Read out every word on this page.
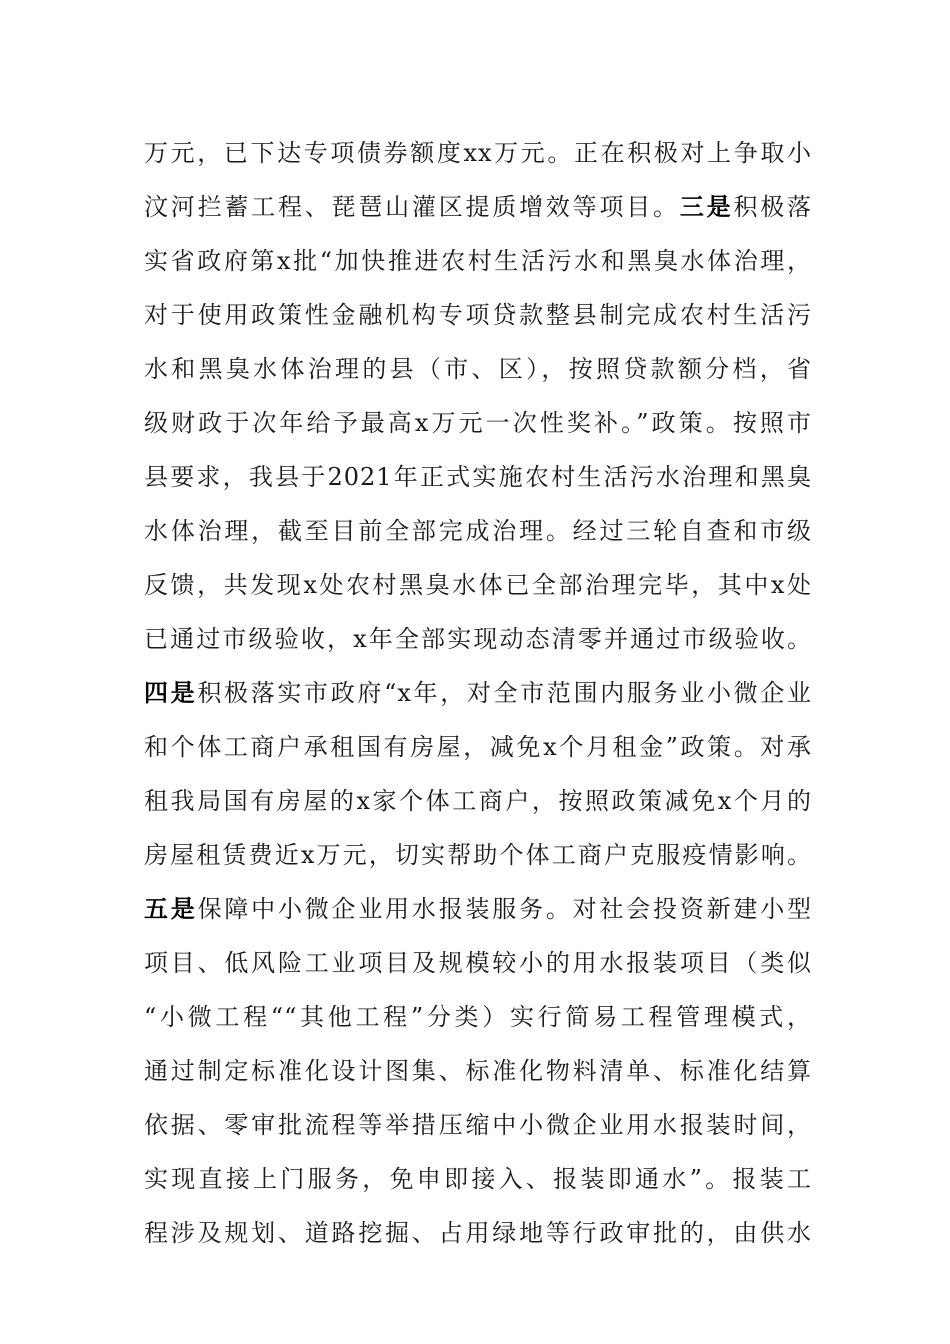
万元，已下达专项债券额度xx万元。正在积极对上争取小
汶河拦蓄工程、琵琶山灌区提质增效等项目。三是积极落
实省政府第x批“加快推进农村生活污水和黑臭水体治理，
对于使用政策性金融机构专项贷款整县制完成农村生活污
水和黑臭水体治理的县（市、区），按照贷款额分档，省
级财政于次年给予最高x万元一次性奖补。”政策。按照市
县要求，我县于2021年正式实施农村生活污水治理和黑臭
水体治理，截至目前全部完成治理。经过三轮自查和市级
反馈，共发现x处农村黑臭水体已全部治理完毕，其中x处
已通过市级验收，x年全部实现动态清零并通过市级验收。
四是积极落实市政府“x年，对全市范围内服务业小微企业
和个体工商户承租国有房屋，减免x个月租金”政策。对承
租我局国有房屋的x家个体工商户，按照政策减免x个月的
房屋租赁费近x万元，切实帮助个体工商户克服疫情影响。
五是保障中小微企业用水报装服务。对社会投资新建小型
项目、低风险工业项目及规模较小的用水报装项目（类似
“小微工程““其他工程”分类）实行简易工程管理模式，
通过制定标准化设计图集、标准化物料清单、标准化结算
依据、零审批流程等举措压缩中小微企业用水报装时间，
实现直接上门服务，免申即接入、报装即通水”。报装工
程涉及规划、道路挖掘、占用绿地等行政审批的，由供水
